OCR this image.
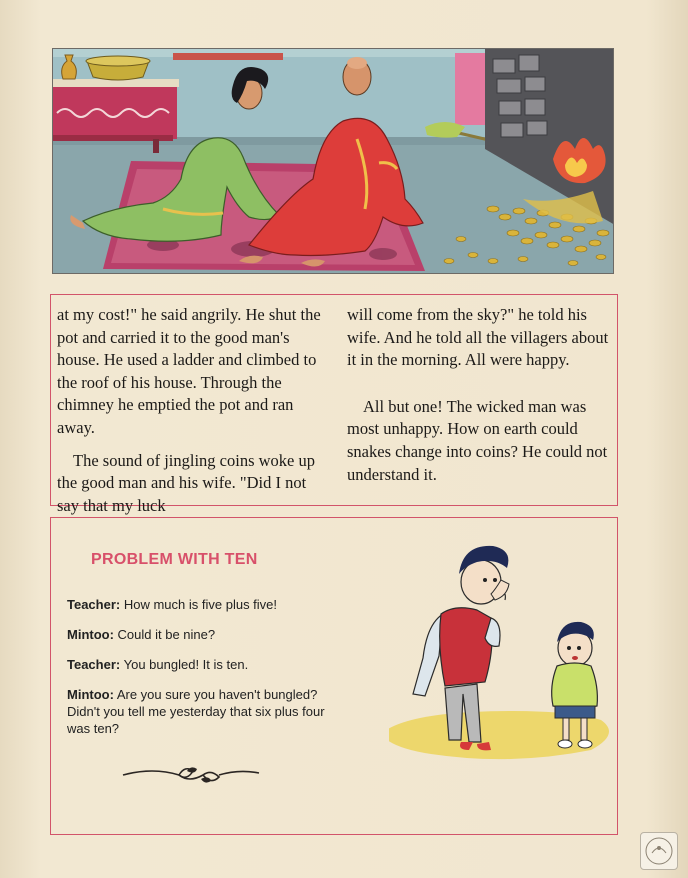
at my cost!" he said angrily. He shut the pot and carried it to the good man's house. He used a ladder and climbed to the roof of his house. Through the chimney he emptied the pot and ran away.

The sound of jingling coins woke up the good man and his wife. "Did I not say that my luck

will come from the sky?" he told his wife. And he told all the villagers about it in the morning. All were happy.

All but one! The wicked man was most unhappy. How on earth could snakes change into coins? He could not understand it.

PROBLEM WITH TEN

Teacher: How much is five plus five!

Mintoo: Could it be nine?

Teacher: You bungled! It is ten.

Mintoo: Are you sure you haven't bungled? Didn't you tell me yesterday that six plus four was ten?
